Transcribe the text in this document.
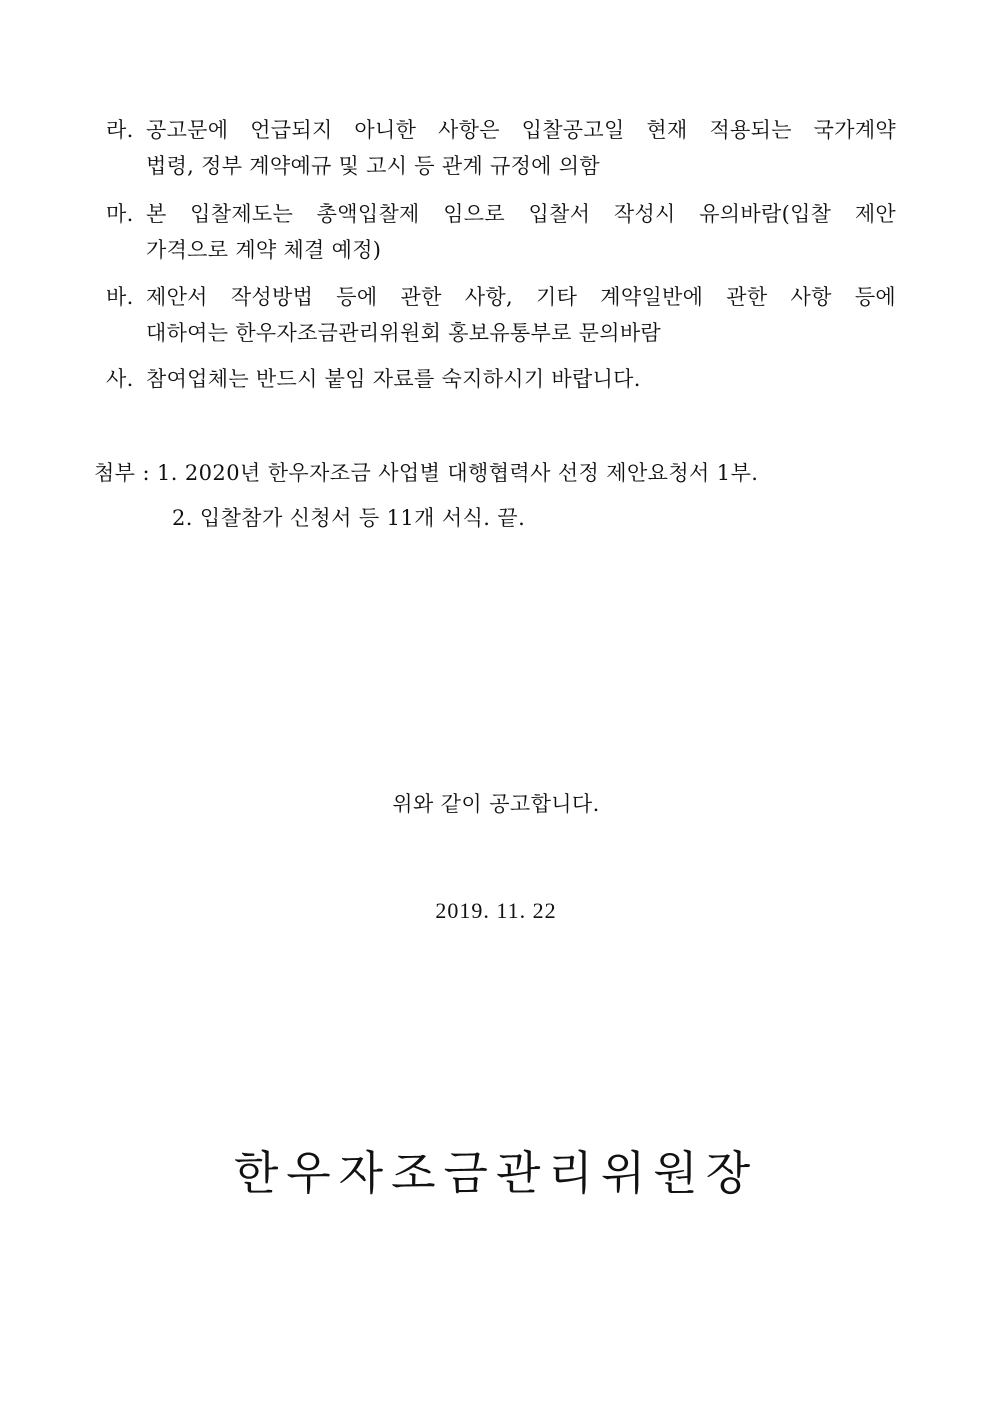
라. 공고문에 언급되지 아니한 사항은 입찰공고일 현재 적용되는 국가계약
법령, 정부 계약예규 및 고시 등 관계 규정에 의함
마. 본 입찰제도는 총액입찰제 임으로 입찰서 작성시 유의바람(입찰 제안
가격으로 계약 체결 예정)
바. 제안서 작성방법 등에 관한 사항, 기타 계약일반에 관한 사항 등에
대하여는 한우자조금관리위원회 홍보유통부로 문의바람
사. 참여업체는 반드시 붙임 자료를 숙지하시기 바랍니다.
첨부 : 1. 2020년 한우자조금 사업별 대행협력사 선정 제안요청서 1부.
2. 입찰참가 신청서 등 11개 서식. 끝.
위와 같이 공고합니다.
2019. 11. 22
한우자조금관리위원장
